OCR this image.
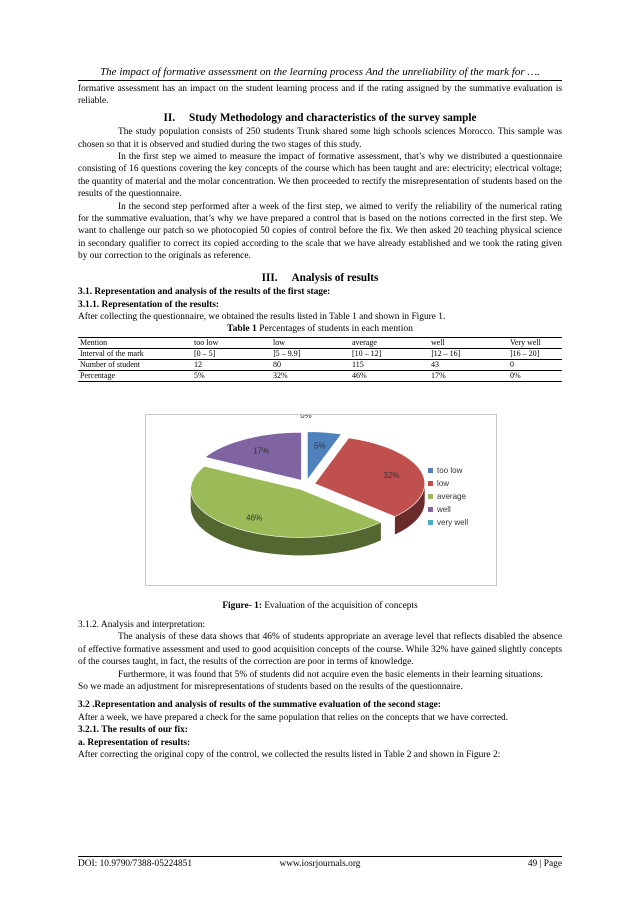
The impact of formative assessment on the learning process And the unreliability of the mark for ….

formative assessment has an impact on the student learning process and if the rating assigned by the summative evaluation is reliable.

II. Study Methodology and characteristics of the survey sample

The study population consists of 250 students Trunk shared some high schools sciences Morocco. This sample was chosen so that it is observed and studied during the two stages of this study.

In the first step we aimed to measure the impact of formative assessment, that’s why we distributed a questionnaire consisting of 16 questions covering the key concepts of the course which has been taught and are: electricity; electrical voltage; the quantity of material and the molar concentration. We then proceeded to rectify the misrepresentation of students based on the results of the questionnaire.

In the second step performed after a week of the first step, we aimed to verify the reliability of the numerical rating for the summative evaluation, that’s why we have prepared a control that is based on the notions corrected in the first step. We want to challenge our patch so we photocopied 50 copies of control before the fix. We then asked 20 teaching physical science in secondary qualifier to correct its copied according to the scale that we have already established and we took the rating given by our correction to the originals as reference.

III. Analysis of results

3.1. Representation and analysis of the results of the first stage:

3.1.1. Representation of the results:

After collecting the questionnaire, we obtained the results listed in Table 1 and shown in Figure 1.

Table 1 Percentages of students in each mention

Mention	too low	low	average	well	Very well
Interval of the mark	[0 – 5]	]5 – 9.9]	[10 – 12]	]12 – 16]	]16 – 20]
Number of student	12	80	115	43	0
Percentage	5%	32%	46%	17%	0%
5%
32%
46%
17%
0%
too low
low
average
well
very well
Figure- 1: Evaluation of the acquisition of concepts

3.1.2. Analysis and interpretation:

The analysis of these data shows that 46% of students appropriate an average level that reflects disabled the absence of effective formative assessment and used to good acquisition concepts of the course. While 32% have gained slightly concepts of the courses taught, in fact, the results of the correction are poor in terms of knowledge.

Furthermore, it was found that 5% of students did not acquire even the basic elements in their learning situations.

So we made an adjustment for misrepresentations of students based on the results of the questionnaire.

3.2 .Representation and analysis of results of the summative evaluation of the second stage:

After a week, we have prepared a check for the same population that relies on the concepts that we have corrected.

3.2.1. The results of our fix:

a. Representation of results:

After correcting the original copy of the control, we collected the results listed in Table 2 and shown in Figure 2:

DOI: 10.9790/7388-05224851	www.iosrjournals.org	49 | Page
